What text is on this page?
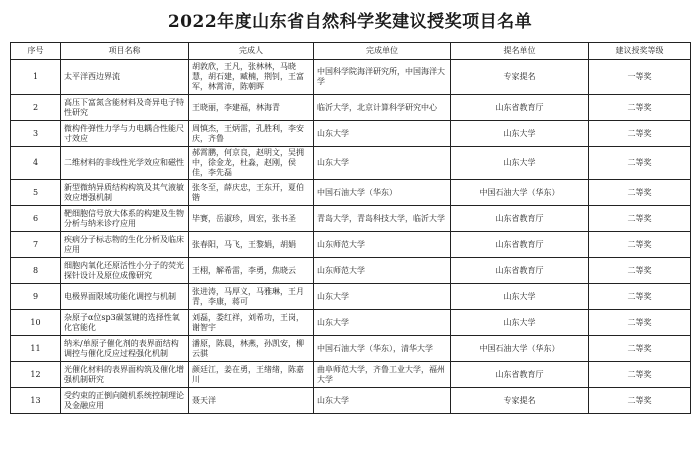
2022年度山东省自然科学奖建议授奖项目名单
序号	项目名称	完成人	完成单位	提名单位	建议授奖等级
1	太平洋西边界流	胡敦欣，王凡，张林林，马晓慧，胡石建，臧楠，荆钊，王富军，林霄沛，陈朝晖	中国科学院海洋研究所，中国海洋大学	专家提名	一等奖
2	高压下富氮含能材料及奇异电子特性研究	王晓丽，李建福，林海青	临沂大学，北京计算科学研究中心	山东省教育厅	二等奖
3	微构件弹性力学与力电耦合性能尺寸效应	周慎杰，王炳雷，孔胜利，李安庆，齐鲁	山东大学	山东大学	二等奖
4	二维材料的非线性光学效应和磁性	郝霄鹏，何京良，赵明文，吴拥中，徐金龙，杜淼，赵刚，侯佳，李先磊	山东大学	山东大学	二等奖
5	新型微纳异质结构构筑及其气液敏效应增强机制	张冬至，薛庆忠，王东开，夏伯锴	中国石油大学（华东）	中国石油大学（华东）	二等奖
6	靶细胞信号放大体系的构建及生物分析与纳米诊疗应用	毕赛，岳淑珍，周宏，张书圣	青岛大学，青岛科技大学，临沂大学	山东省教育厅	二等奖
7	疾病分子标志物的生化分析及临床应用	张春阳，马飞，王黎娟，胡娟	山东师范大学	山东省教育厅	二等奖
8	细胞内氧化还原活性小分子的荧光探针设计及原位成像研究	王栩，解希雷，李勇，焦晓云	山东师范大学	山东省教育厅	二等奖
9	电极界面限域功能化调控与机制	张进涛，马厚义，马雅琳，王月青，李康，蒋可	山东大学	山东大学	二等奖
10	杂原子α位sp3碳氢键的选择性氧化官能化	刘磊，娄红祥，刘希功，王岗，谢智宇	山东大学	山东大学	二等奖
11	纳米/单原子催化剂的表界面结构调控与催化反应过程强化机制	潘原，陈晨，林燕，孙凯安，柳云骐	中国石油大学（华东），清华大学	中国石油大学（华东）	二等奖
12	光催化材料的表界面构筑及催化增强机制研究	颜廷江，姜在勇，王绪绪，陈嘉川	曲阜师范大学，齐鲁工业大学，福州大学	山东省教育厅	二等奖
13	受约束的正倒向随机系统控制理论及金融应用	聂天洋	山东大学	专家提名	二等奖
